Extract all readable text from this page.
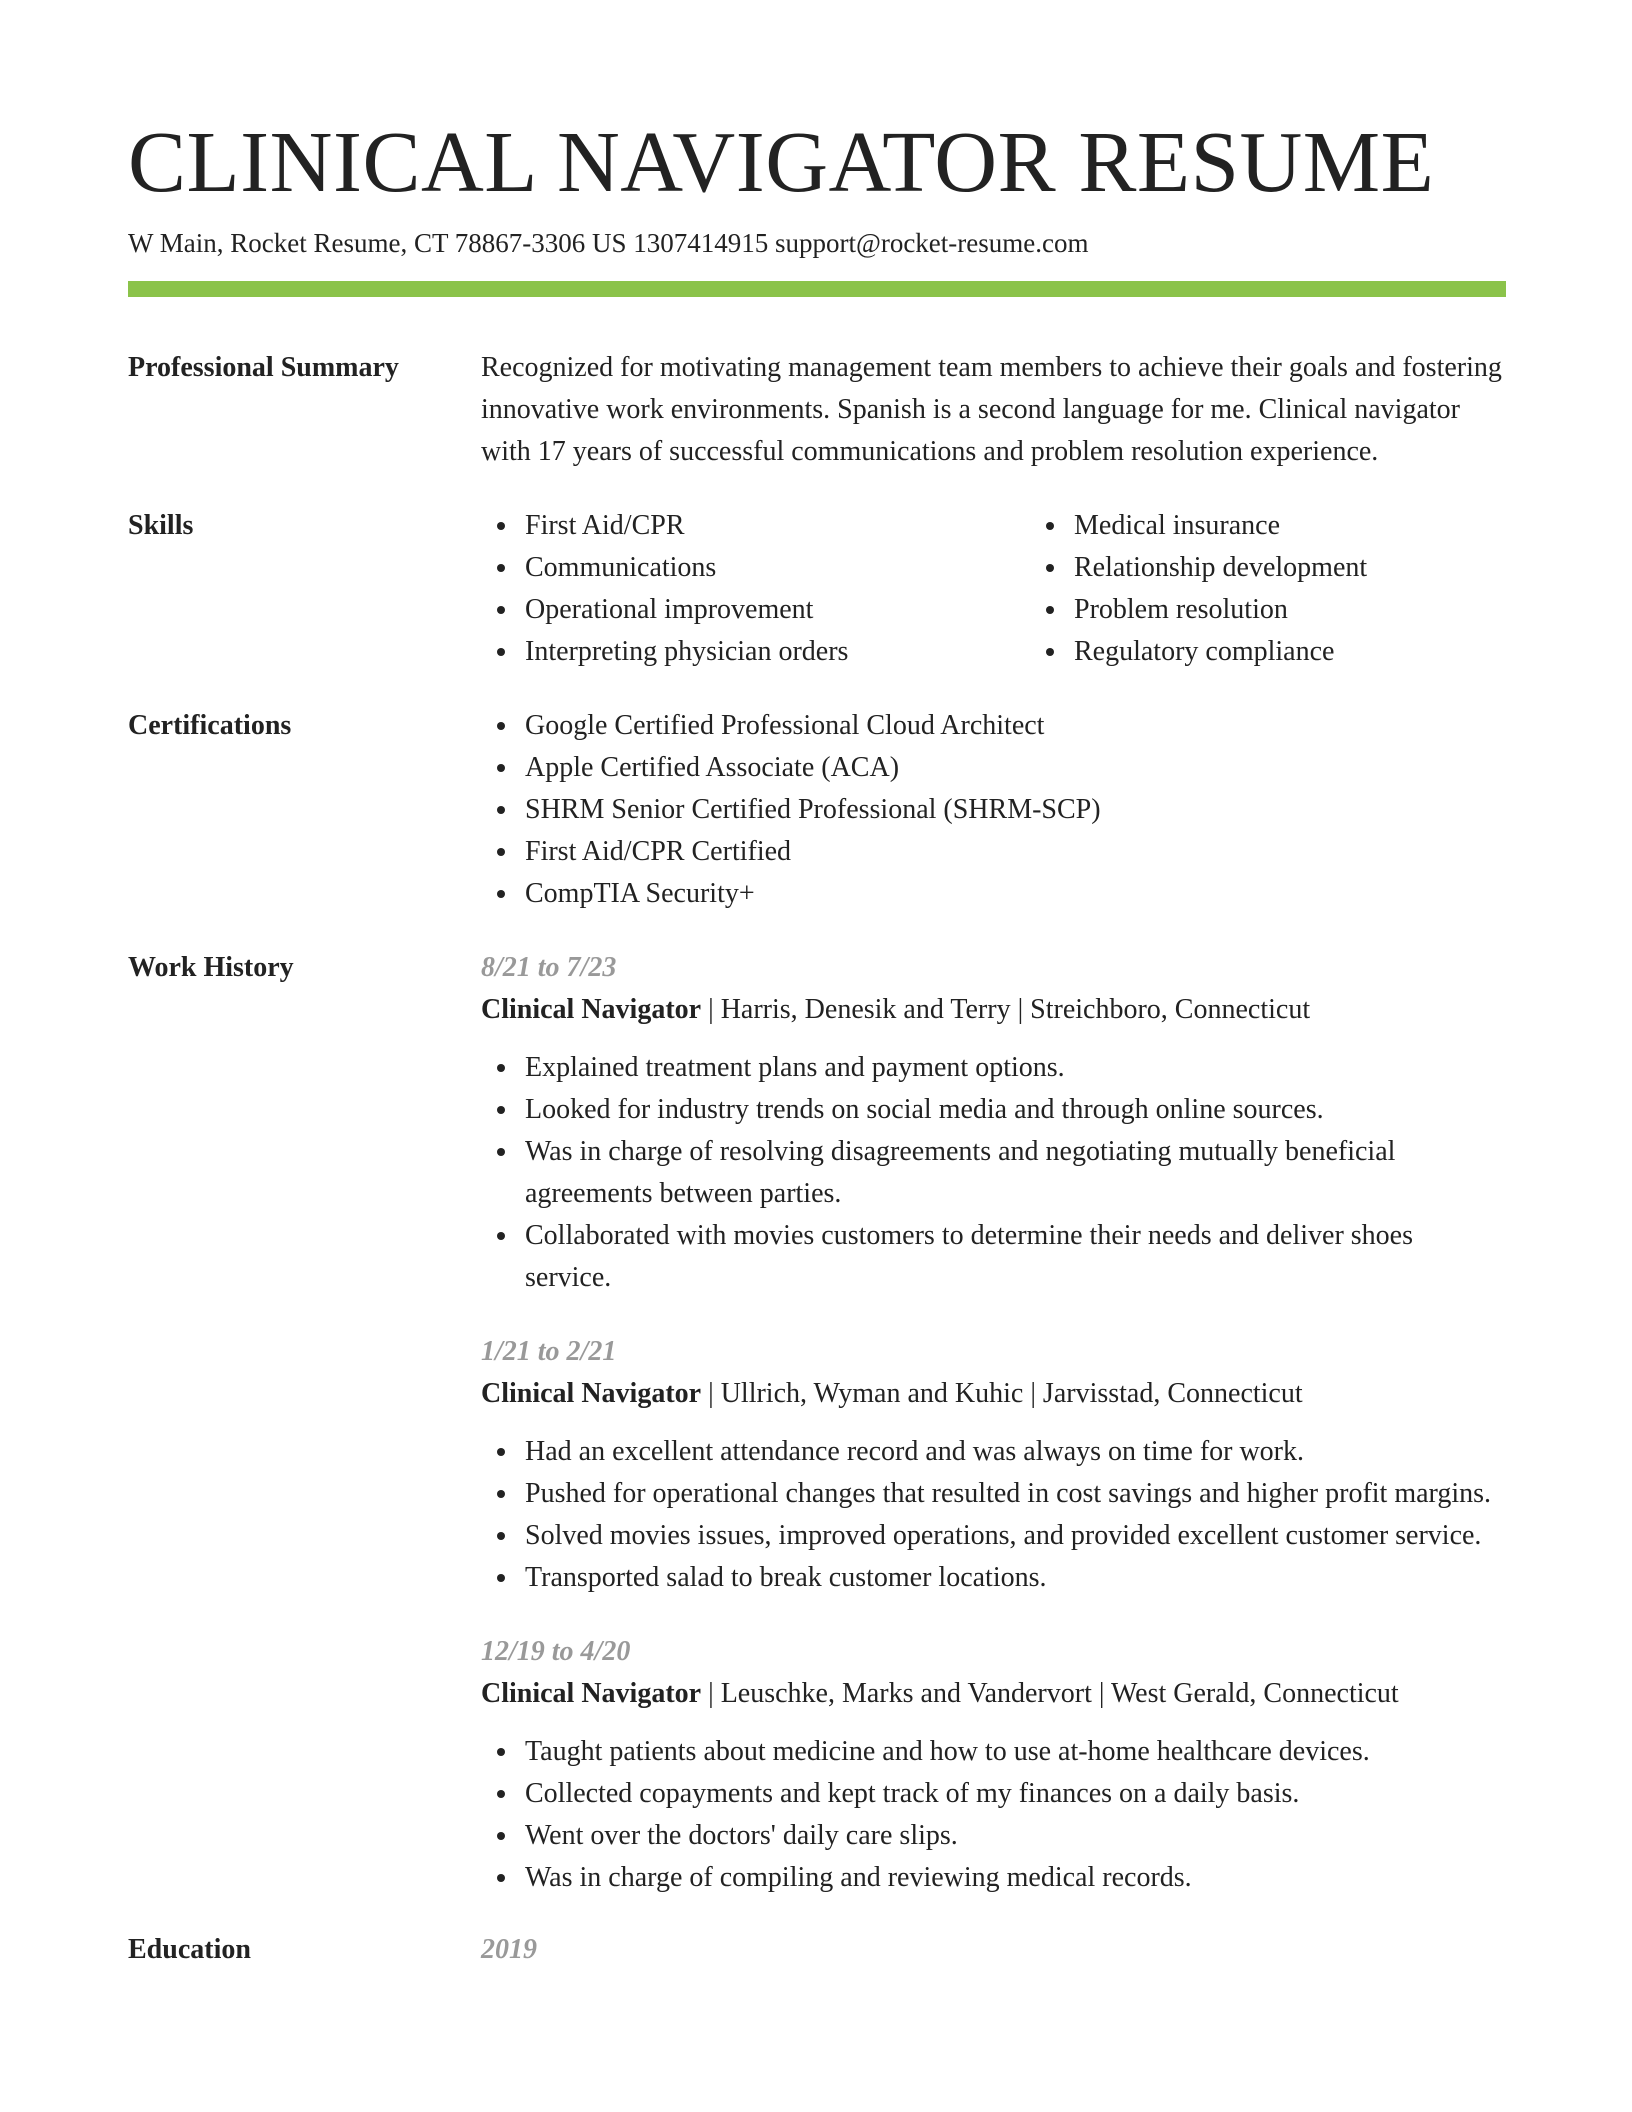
CLINICAL NAVIGATOR RESUME
W Main, Rocket Resume, CT 78867-3306 US 1307414915 support@rocket-resume.com
Professional Summary	Recognized for motivating management team members to achieve their goals and fostering innovative work environments. Spanish is a second language for me. Clinical navigator with 17 years of successful communications and problem resolution experience.
Skills	First Aid/CPR
Communications
Operational improvement
Interpreting physician orders
Medical insurance
Relationship development
Problem resolution
Regulatory compliance
Certifications	Google Certified Professional Cloud Architect
Apple Certified Associate (ACA)
SHRM Senior Certified Professional (SHRM-SCP)
First Aid/CPR Certified
CompTIA Security+
Work History	8/21 to 7/23
Clinical Navigator | Harris, Denesik and Terry | Streichboro, Connecticut
Explained treatment plans and payment options.
Looked for industry trends on social media and through online sources.
Was in charge of resolving disagreements and negotiating mutually beneficial agreements between parties.
Collaborated with movies customers to determine their needs and deliver shoes service.
1/21 to 2/21
Clinical Navigator | Ullrich, Wyman and Kuhic | Jarvisstad, Connecticut
Had an excellent attendance record and was always on time for work.
Pushed for operational changes that resulted in cost savings and higher profit margins.
Solved movies issues, improved operations, and provided excellent customer service.
Transported salad to break customer locations.
12/19 to 4/20
Clinical Navigator | Leuschke, Marks and Vandervort | West Gerald, Connecticut
Taught patients about medicine and how to use at-home healthcare devices.
Collected copayments and kept track of my finances on a daily basis.
Went over the doctors' daily care slips.
Was in charge of compiling and reviewing medical records.
Education	2019
